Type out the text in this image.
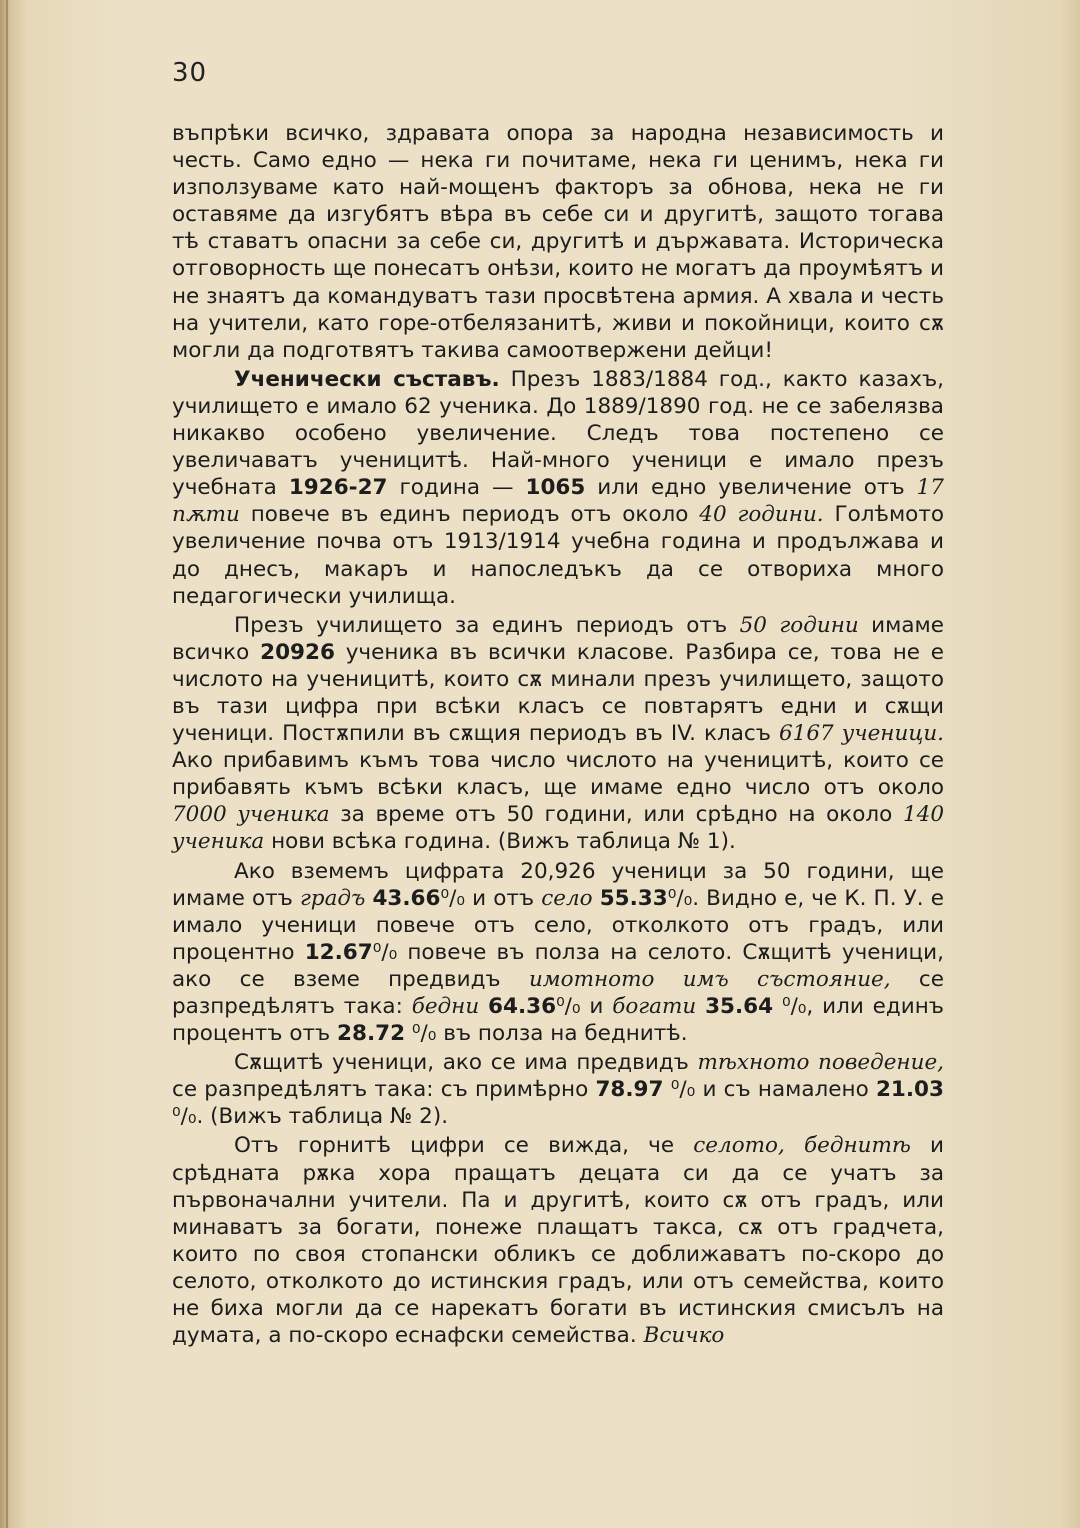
30

въпрѣки всичко, здравата опора за народна независимость и честь. Само едно — нека ги почитаме, нека ги ценимъ, нека ги използуваме като най-мощенъ факторъ за обнова, нека не ги оставяме да изгубятъ вѣра въ себе си и другитѣ, защото тогава тѣ ставатъ опасни за себе си, другитѣ и държавата. Историческа отговорность ще понесатъ онѣзи, които не могатъ да проумѣятъ и не знаятъ да командуватъ тази просвѣтена армия. А хвала и честь на учители, като горе-отбелязанитѣ, живи и покойници, които сѫ могли да подготвятъ такива самоотвержени дейци!

Ученически съставъ. Презъ 1883/1884 год., както казахъ, училището е имало 62 ученика. До 1889/1890 год. не се забелязва никакво особено увеличение. Следъ това постепено се увеличаватъ ученицитѣ. Най-много ученици е имало презъ учебната 1926-27 година — 1065 или едно увеличение отъ 17 пѫти повече въ единъ периодъ отъ около 40 години. Голѣмото увеличение почва отъ 1913/1914 учебна година и продължава и до днесъ, макаръ и напоследъкъ да се отвориха много педагогически училища.

Презъ училището за единъ периодъ отъ 50 години имаме всичко 20926 ученика въ всички класове. Разбира се, това не е числото на ученицитѣ, които сѫ минали презъ училището, защото въ тази цифра при всѣки класъ се повтарятъ едни и сѫщи ученици. Постѫпили въ сѫщия периодъ въ IV. класъ 6167 ученици. Ако прибавимъ къмъ това число числото на ученицитѣ, които се прибавять къмъ всѣки класъ, ще имаме едно число отъ около 7000 ученика за време отъ 50 години, или срѣдно на около 140 ученика нови всѣка година. (Вижъ таблица № 1).

Ако вземемъ цифрата 20,926 ученици за 50 години, ще имаме отъ градъ 43.66⁰/₀ и отъ село 55.33⁰/₀. Видно е, че К. П. У. е имало ученици повече отъ село, отколкото отъ градъ, или процентно 12.67⁰/₀ повече въ полза на селото. Сѫщитѣ ученици, ако се вземе предвидъ имотното имъ състояние, се разпредѣлятъ така: бедни 64.36⁰/₀ и богати 35.64 ⁰/₀, или единъ процентъ отъ 28.72 ⁰/₀ въ полза на беднитѣ.

Сѫщитѣ ученици, ако се има предвидъ тѣхното поведение, се разпредѣлятъ така: съ примѣрно 78.97 ⁰/₀ и съ намалено 21.03 ⁰/₀. (Вижъ таблица № 2).

Отъ горнитѣ цифри се вижда, че селото, беднитѣ и срѣдната рѫка хора пращатъ децата си да се учатъ за първоначални учители. Па и другитѣ, които сѫ отъ градъ, или минаватъ за богати, понеже плащатъ такса, сѫ отъ градчета, които по своя стопански обликъ се доближаватъ по-скоро до селото, отколкото до истинския градъ, или отъ семейства, които не биха могли да се нарекатъ богати въ истинския смисълъ на думата, а по-скоро еснафски семейства. Всичко
